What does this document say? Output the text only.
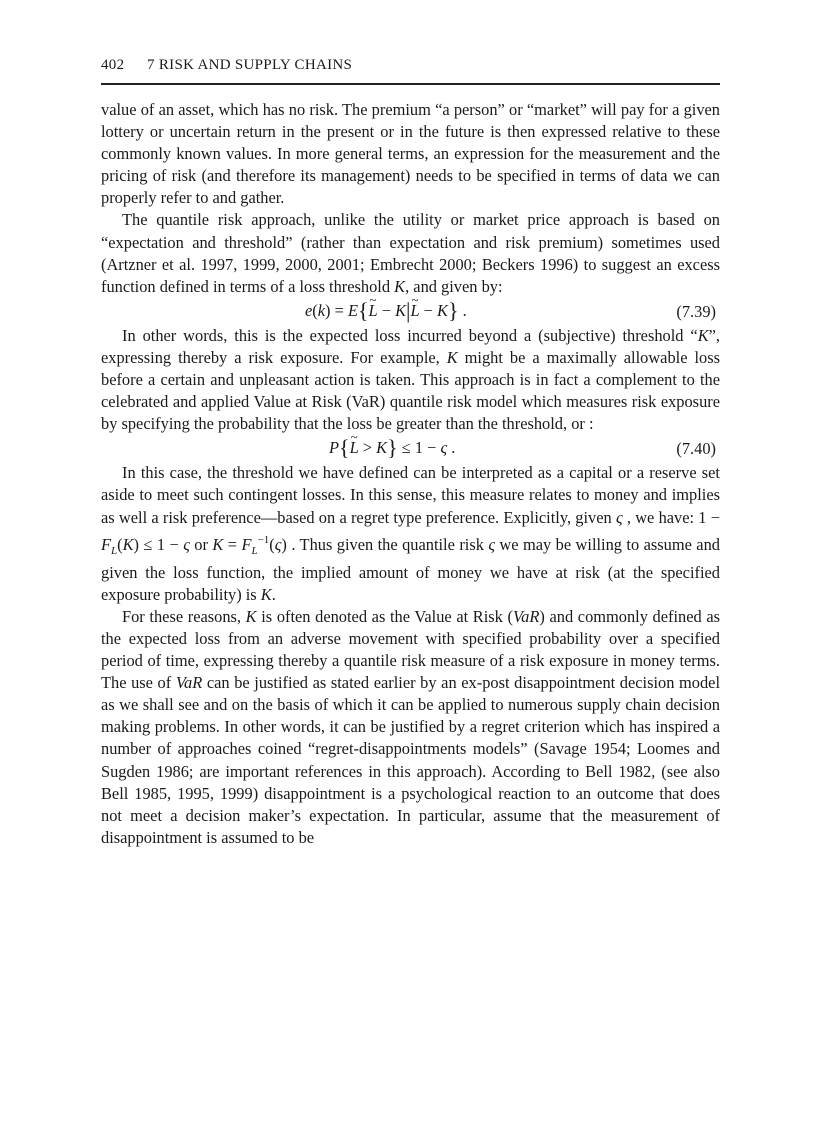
402 7 RISK AND SUPPLY CHAINS

value of an asset, which has no risk. The premium “a person” or “market” will pay for a given lottery or uncertain return in the present or in the future is then expressed relative to these commonly known values. In more general terms, an expression for the measurement and the pricing of risk (and therefore its management) needs to be specified in terms of data we can properly refer to and gather.

The quantile risk approach, unlike the utility or market price approach is based on “expectation and threshold” (rather than expectation and risk premium) sometimes used (Artzner et al. 1997, 1999, 2000, 2001; Embrecht 2000; Beckers 1996) to suggest an excess function defined in terms of a loss threshold K, and given by:

e(k) = E{~ L − K|~ L − K} .	(7.39)

In other words, this is the expected loss incurred beyond a (subjective) threshold “K”, expressing thereby a risk exposure. For example, K might be a maximally allowable loss before a certain and unpleasant action is taken. This approach is in fact a complement to the celebrated and applied Value at Risk (VaR) quantile risk model which measures risk exposure by specifying the probability that the loss be greater than the threshold, or :

P{~ L > K} ≤ 1 − ς .	(7.40)

In this case, the threshold we have defined can be interpreted as a capital or a reserve set aside to meet such contingent losses. In this sense, this measure relates to money and implies as well a risk preference—based on a regret type preference. Explicitly, given ς , we have: $1 - F_L(K) \le 1 - \varsigma$ or $K = F_L^{-1}(\varsigma)$ . Thus given the quantile risk ς we may be willing to assume and given the loss function, the implied amount of money we have at risk (at the specified exposure probability) is K.

For these reasons, K is often denoted as the Value at Risk (VaR) and commonly defined as the expected loss from an adverse movement with specified probability over a specified period of time, expressing thereby a quantile risk measure of a risk exposure in money terms. The use of VaR can be justified as stated earlier by an ex-post disappointment decision model as we shall see and on the basis of which it can be applied to numerous supply chain decision making problems. In other words, it can be justified by a regret criterion which has inspired a number of approaches coined “regret-disappointments models” (Savage 1954; Loomes and Sugden 1986; are important references in this approach). According to Bell 1982, (see also Bell 1985, 1995, 1999) disappointment is a psychological reaction to an outcome that does not meet a decision maker’s expectation. In particular, assume that the measurement of disappointment is assumed to be
